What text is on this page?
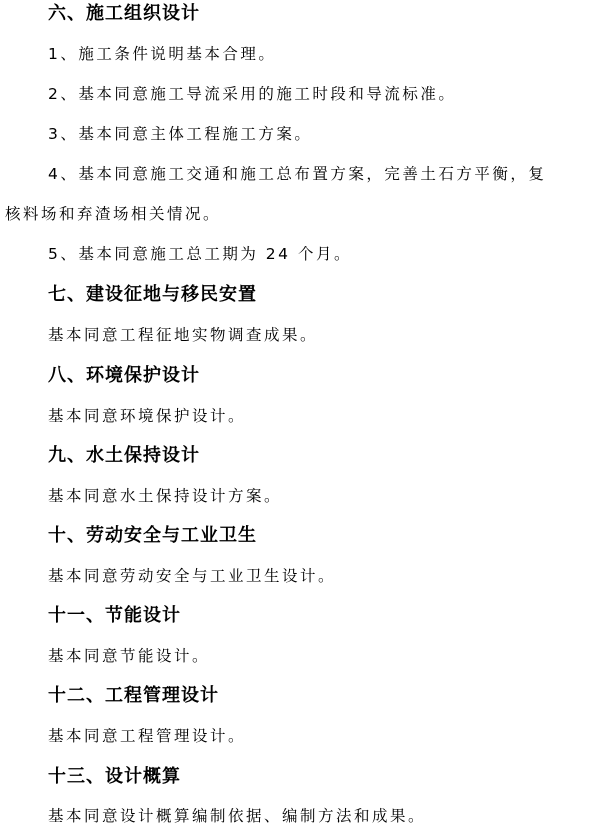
六、施工组织设计
1、施工条件说明基本合理。
2、基本同意施工导流采用的施工时段和导流标准。
3、基本同意主体工程施工方案。
4、基本同意施工交通和施工总布置方案，完善土石方平衡，复
核料场和弃渣场相关情况。
5、基本同意施工总工期为 24 个月。
七、建设征地与移民安置
基本同意工程征地实物调查成果。
八、环境保护设计
基本同意环境保护设计。
九、水土保持设计
基本同意水土保持设计方案。
十、劳动安全与工业卫生
基本同意劳动安全与工业卫生设计。
十一、节能设计
基本同意节能设计。
十二、工程管理设计
基本同意工程管理设计。
十三、设计概算
基本同意设计概算编制依据、编制方法和成果。
